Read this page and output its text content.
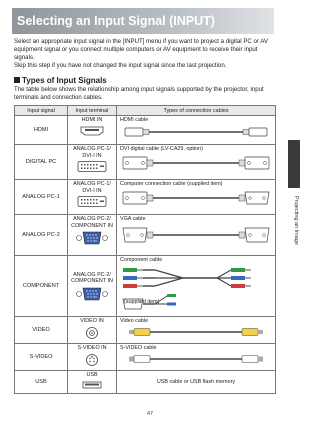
Selecting an Input Signal (INPUT)

Select an appropriate input signal in the [INPUT] menu if you want to project a digital PC or AV equipment signal or you connect multiple computers or AV equipment to receive their input signals.

Skip this step if you have not changed the input signal since the last projection.

Types of Input Signals

The table below shows the relationship among input signals supported by the projector, input terminals and connection cables.

Input signal	Input terminal	Types of connection cables
HDMI	HDMI IN	HDMI cable

DIGITAL PC	ANALOG PC-1/ DVI-I IN	DVI digital cable (LV-CA29, option)

ANALOG PC-1	ANALOG PC-1/ DVI-I IN	Computer connection cable (supplied item)

ANALOG PC-2	ANALOG PC-2/ COMPONENT IN	VGA cable

COMPONENT	ANALOG PC-2/ COMPONENT IN	Component cable
(supplied item)

VIDEO	VIDEO IN	Video cable

S-VIDEO	S-VIDEO IN	S-VIDEO cable

USB	USB	USB cable or USB flash memory
Projecting an Image
47
